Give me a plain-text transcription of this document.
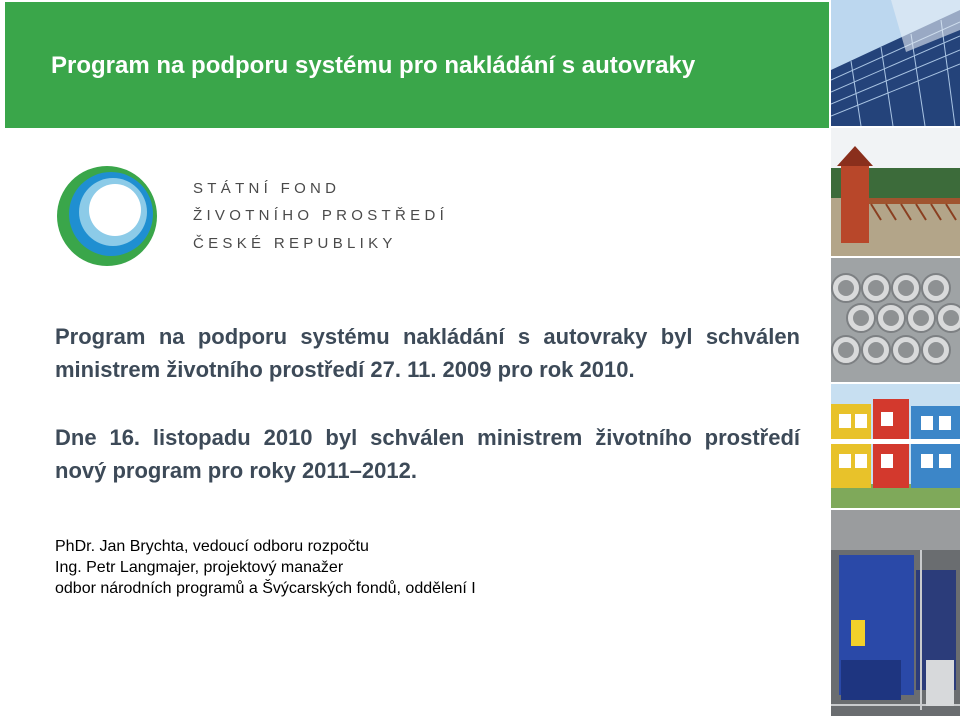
Program na podporu systému pro nakládání s autovraky
STÁTNÍ FOND
ŽIVOTNÍHO PROSTŘEDÍ
ČESKÉ REPUBLIKY
Program na podporu systému nakládání s autovraky byl schválen ministrem životního prostředí 27. 11. 2009 pro rok 2010.
Dne 16. listopadu 2010 byl schválen ministrem životního prostředí nový program pro roky 2011–2012.
PhDr. Jan Brychta, vedoucí odboru rozpočtu
Ing. Petr Langmajer, projektový manažer
odbor národních programů a Švýcarských fondů, oddělení I
